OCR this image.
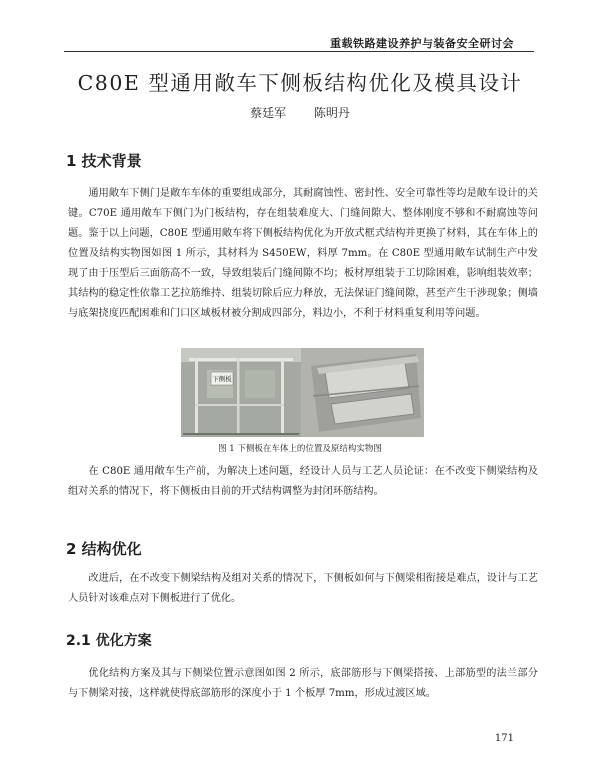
重载铁路建设养护与装备安全研讨会
C80E 型通用敞车下侧板结构优化及模具设计
蔡廷军 陈明丹
1 技术背景

通用敞车下侧门是敞车车体的重要组成部分，其耐腐蚀性、密封性、安全可靠性等均是敞车设计的关键。C70E 通用敞车下侧门为门板结构，存在组装难度大、门缝间隙大、整体刚度不够和不耐腐蚀等问题。鉴于以上问题，C80E 型通用敞车将下侧板结构优化为开放式框式结构并更换了材料，其在车体上的位置及结构实物图如图 1 所示，其材料为 S450EW，料厚 7mm。在 C80E 型通用敞车试制生产中发现了由于压型后三面筋高不一致，导致组装后门缝间隙不均；板材厚组装于工切除困难，影响组装效率；其结构的稳定性依靠工艺拉筋维持、组装切除后应力释放，无法保证门缝间隙，甚至产生干涉现象；侧墙与底架挠度匹配困难和门口区域板材被分割成四部分，料边小，不利于材料重复利用等问题。

下侧板
图 1 下侧板在车体上的位置及原结构实物图

在 C80E 通用敞车生产前，为解决上述问题，经设计人员与工艺人员论证：在不改变下侧梁结构及组对关系的情况下，将下侧板由目前的开式结构调整为封闭环筋结构。

2 结构优化

改进后，在不改变下侧梁结构及组对关系的情况下，下侧板如何与下侧梁相衔接是难点，设计与工艺人员针对该难点对下侧板进行了优化。

2.1 优化方案

优化结构方案及其与下侧梁位置示意图如图 2 所示，底部筋形与下侧梁搭接、上部筋型的法兰部分与下侧梁对接，这样就使得底部筋形的深度小于 1 个板厚 7mm，形成过渡区域。

171
